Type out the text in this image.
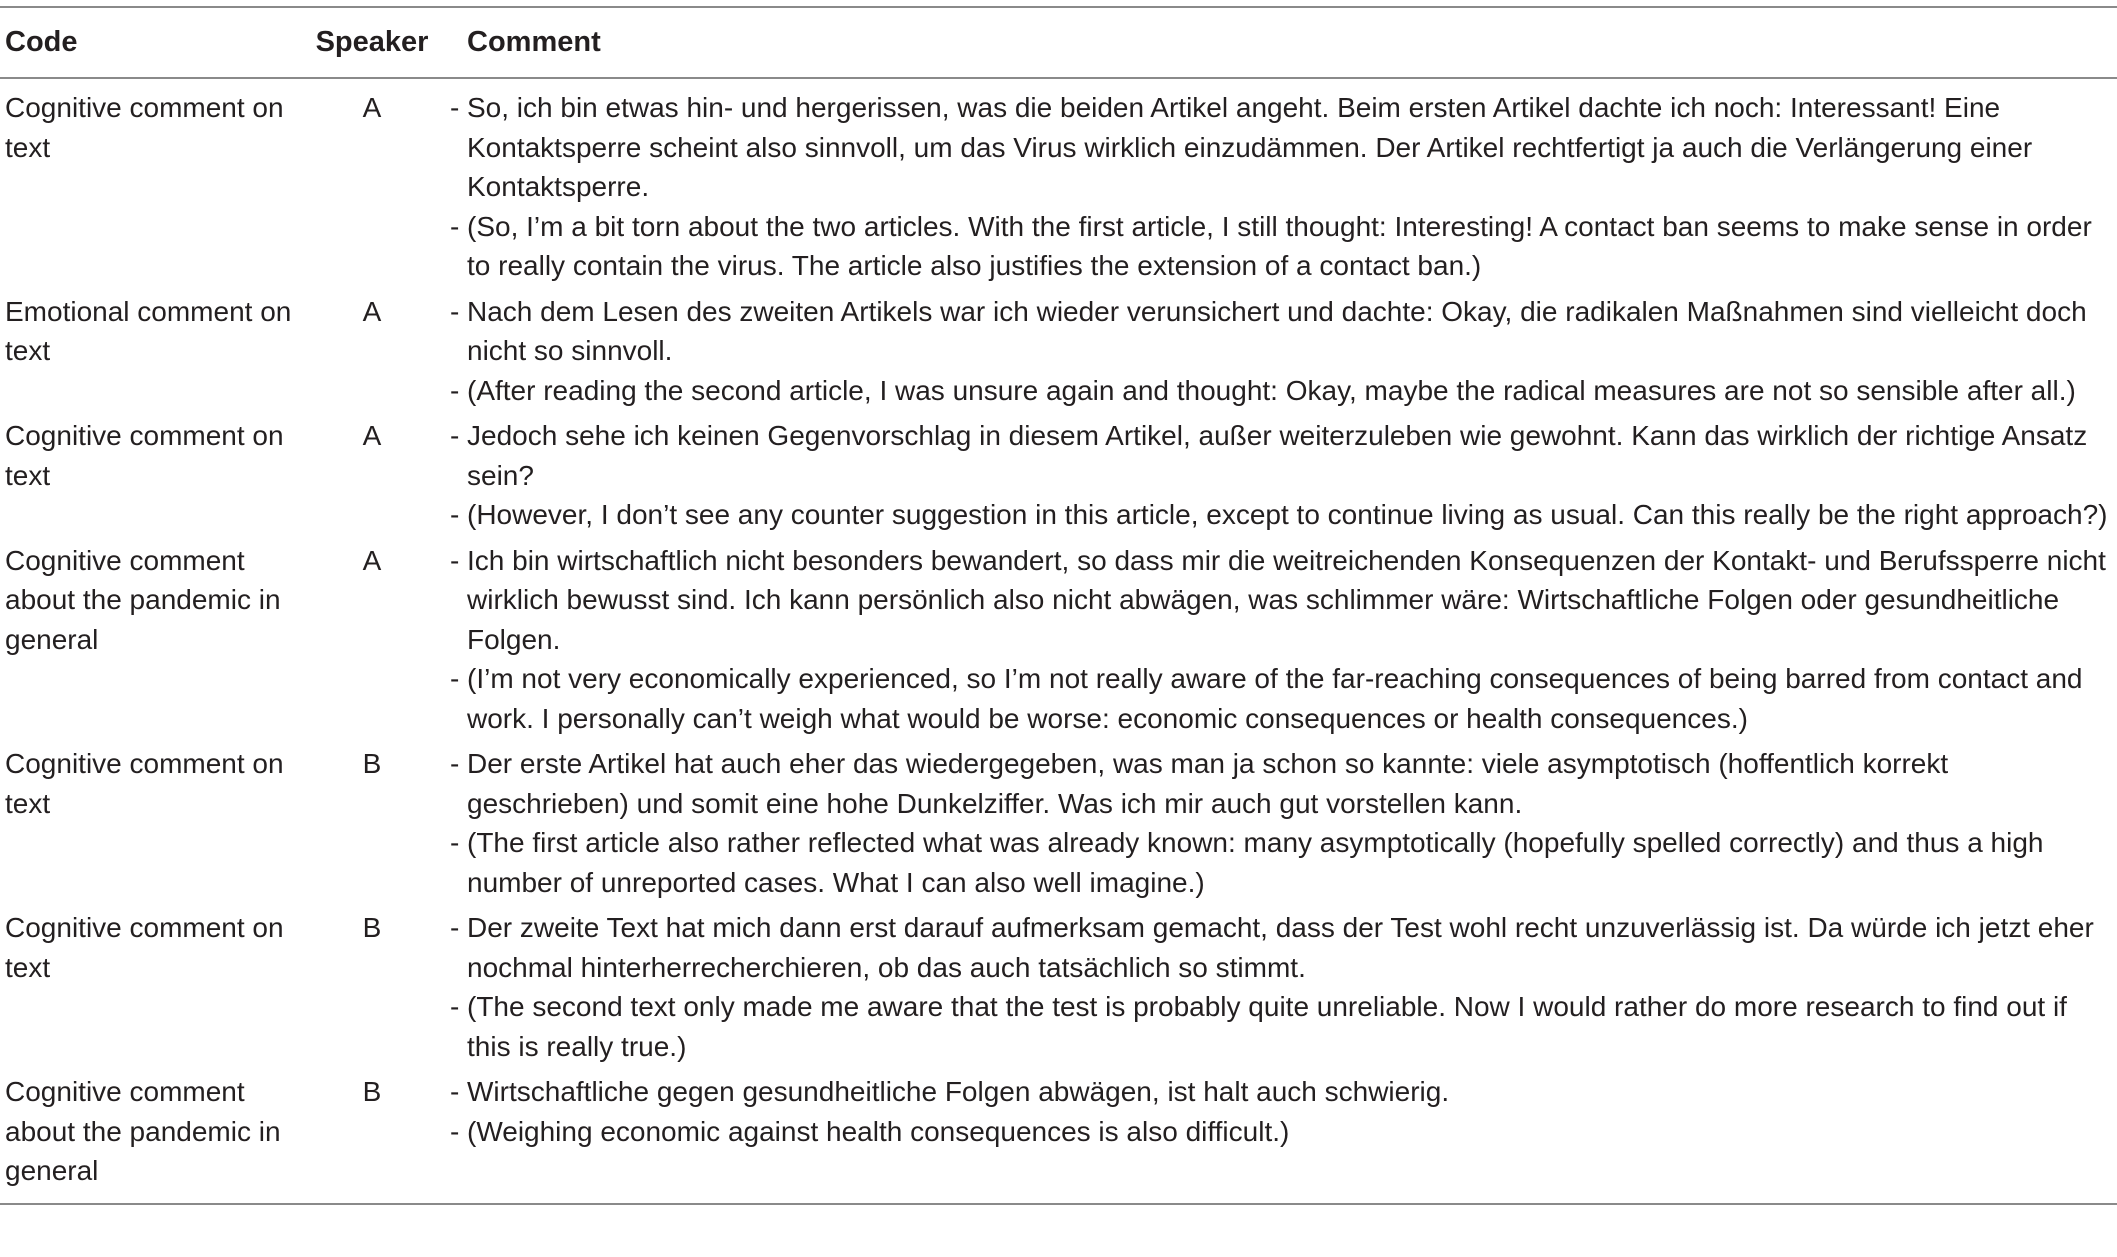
Code	Speaker	Comment
Cognitive comment on text	A	- So, ich bin etwas hin- und hergerissen, was die beiden Artikel angeht. Beim ersten Artikel dachte ich noch: Interessant! Eine Kontaktsperre scheint also sinnvoll, um das Virus wirklich einzudämmen. Der Artikel rechtfertigt ja auch die Verlängerung einer Kontaktsperre.
- (So, I’m a bit torn about the two articles. With the first article, I still thought: Interesting! A contact ban seems to make sense in order to really contain the virus. The article also justifies the extension of a contact ban.)

Emotional comment on text	A	- Nach dem Lesen des zweiten Artikels war ich wieder verunsichert und dachte: Okay, die radikalen Maßnahmen sind vielleicht doch nicht so sinnvoll.
- (After reading the second article, I was unsure again and thought: Okay, maybe the radical measures are not so sensible after all.)

Cognitive comment on text	A	- Jedoch sehe ich keinen Gegenvorschlag in diesem Artikel, außer weiterzuleben wie gewohnt. Kann das wirklich der richtige Ansatz sein?
- (However, I don’t see any counter suggestion in this article, except to continue living as usual. Can this really be the right approach?)

Cognitive comment about the pandemic in general	A	- Ich bin wirtschaftlich nicht besonders bewandert, so dass mir die weitreichenden Konsequenzen der Kontakt- und Berufssperre nicht wirklich bewusst sind. Ich kann persönlich also nicht abwägen, was schlimmer wäre: Wirtschaftliche Folgen oder gesundheitliche Folgen.
- (I’m not very economically experienced, so I’m not really aware of the far-reaching consequences of being barred from contact and work. I personally can’t weigh what would be worse: economic consequences or health consequences.)

Cognitive comment on text	B	- Der erste Artikel hat auch eher das wiedergegeben, was man ja schon so kannte: viele asymptotisch (hoffentlich korrekt geschrieben) und somit eine hohe Dunkelziffer. Was ich mir auch gut vorstellen kann.
- (The first article also rather reflected what was already known: many asymptotically (hopefully spelled correctly) and thus a high number of unreported cases. What I can also well imagine.)

Cognitive comment on text	B	- Der zweite Text hat mich dann erst darauf aufmerksam gemacht, dass der Test wohl recht unzuverlässig ist. Da würde ich jetzt eher nochmal hinterherrecherchieren, ob das auch tatsächlich so stimmt.
- (The second text only made me aware that the test is probably quite unreliable. Now I would rather do more research to find out if this is really true.)

Cognitive comment about the pandemic in general	B	- Wirtschaftliche gegen gesundheitliche Folgen abwägen, ist halt auch schwierig.
- (Weighing economic against health consequences is also difficult.)
